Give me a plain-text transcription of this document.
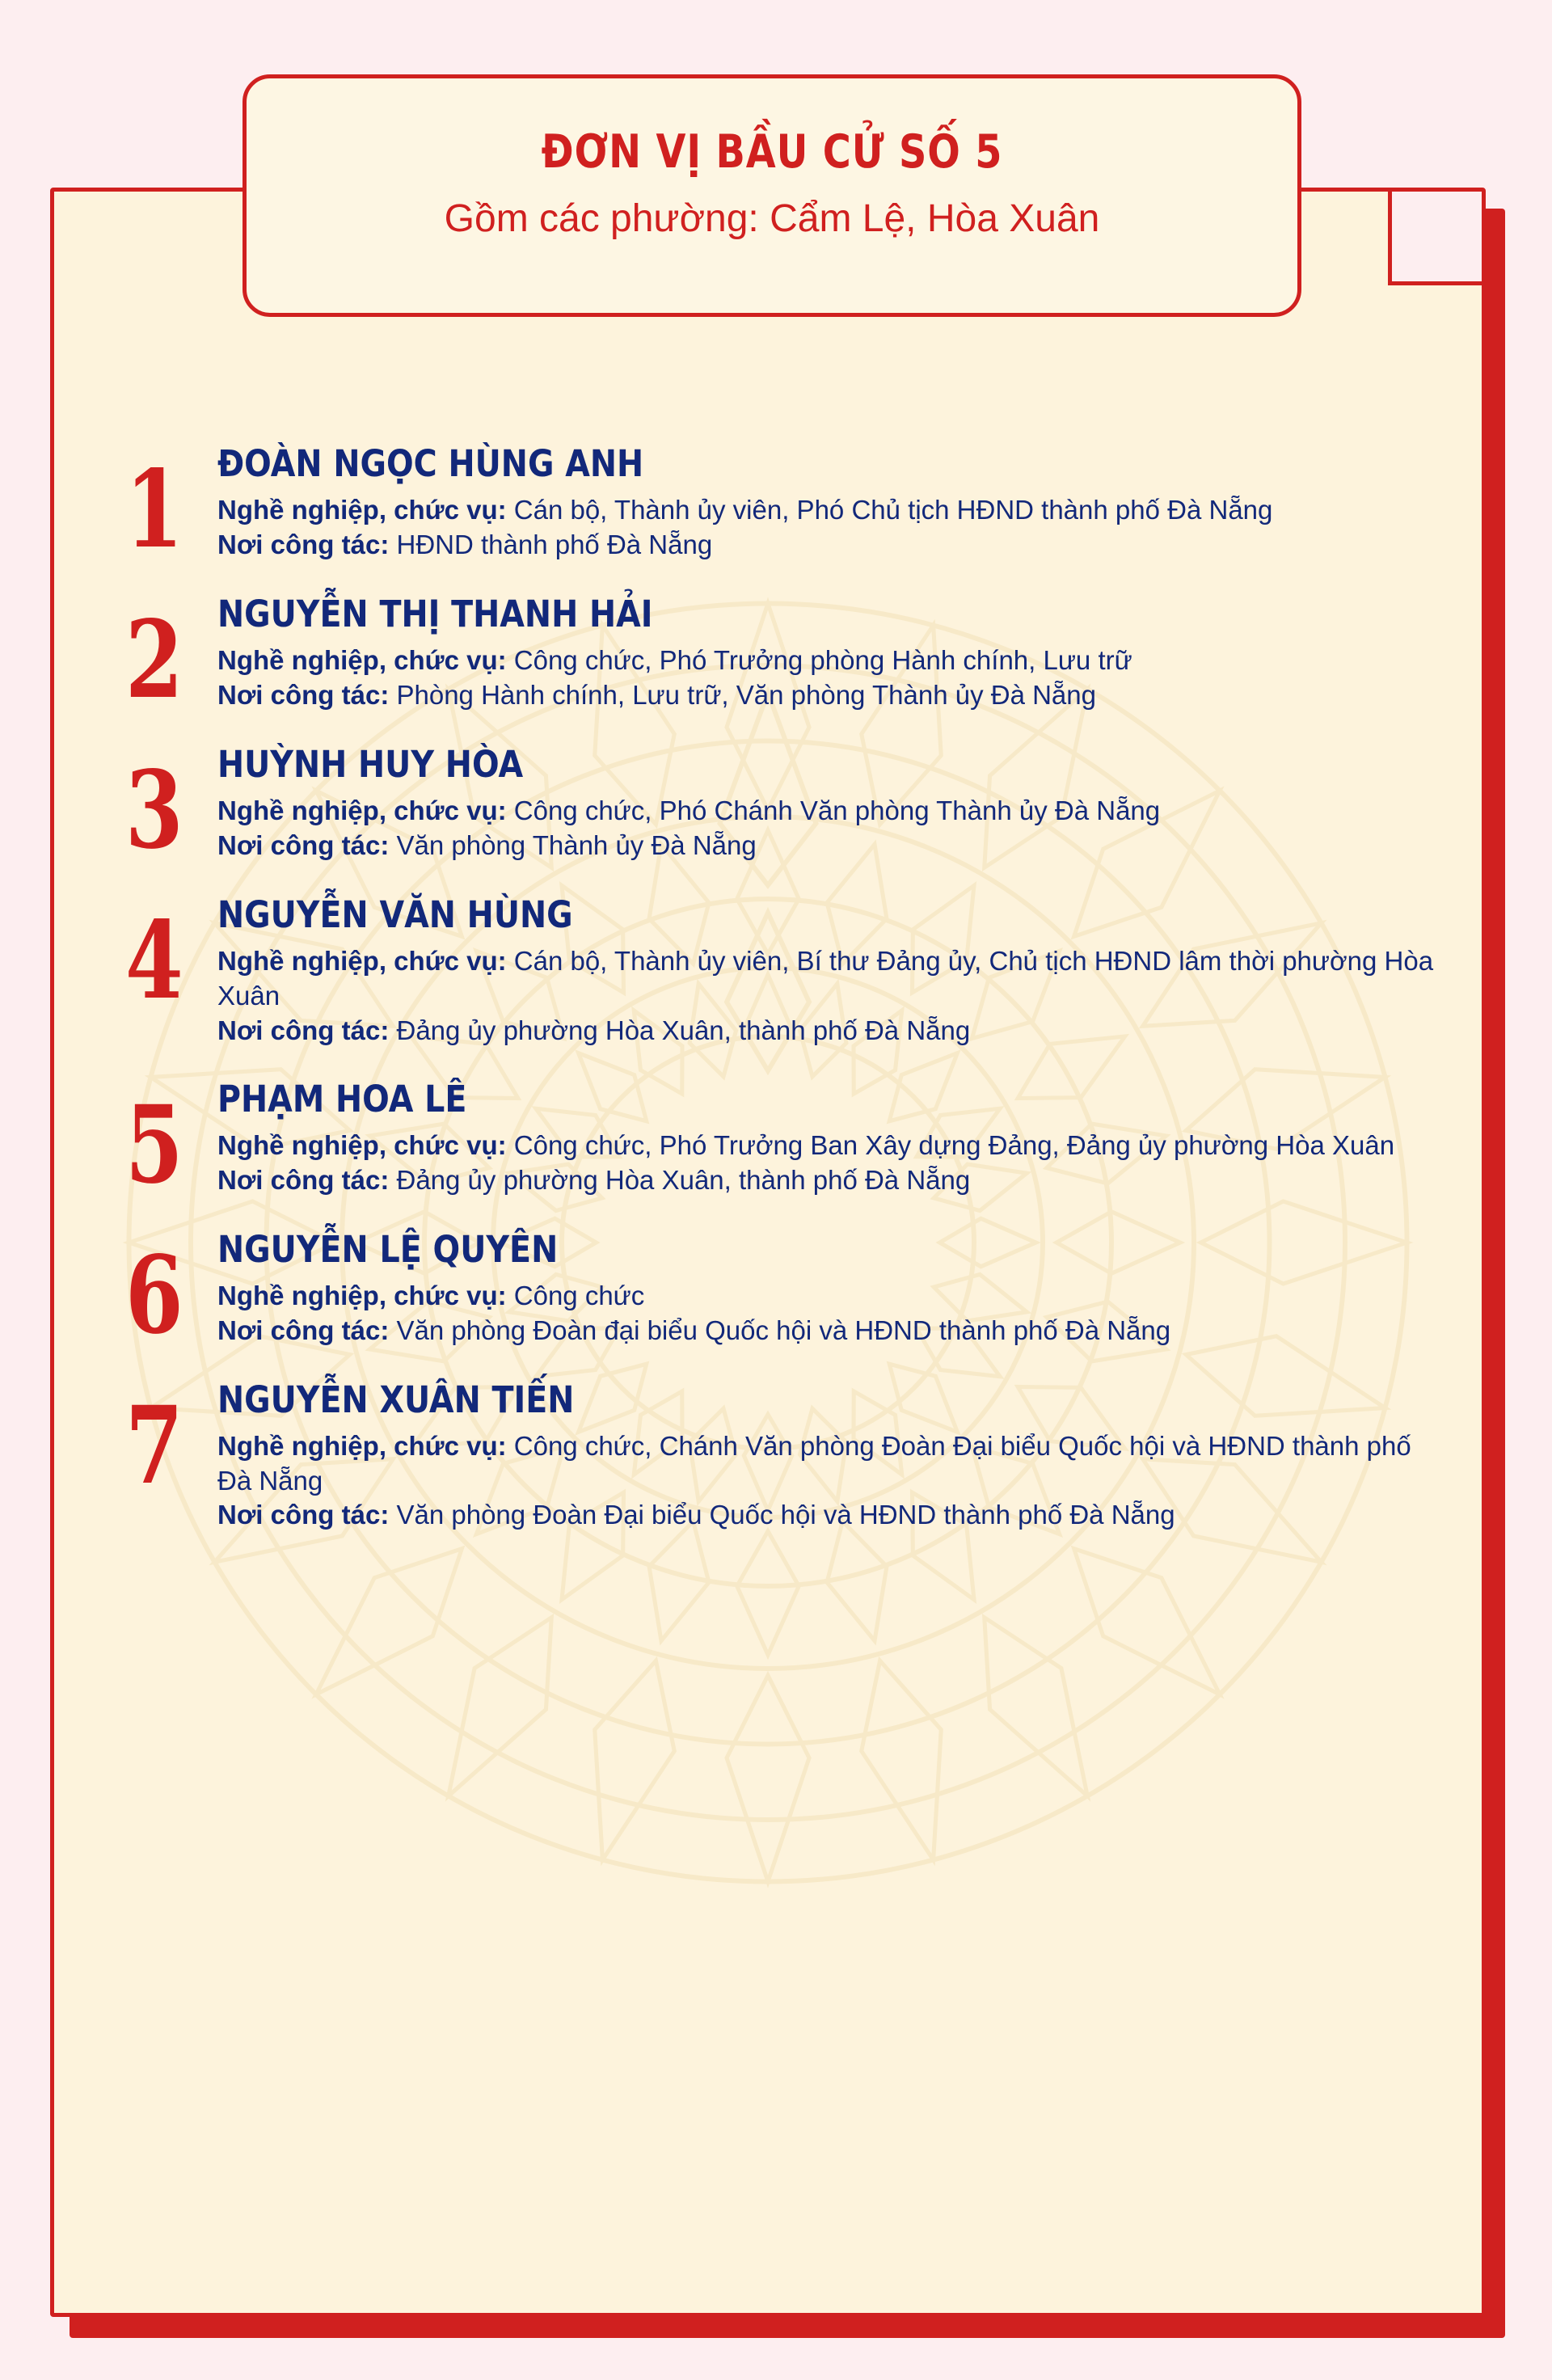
1 ĐOÀN NGỌC HÙNG ANH
Nghề nghiệp, chức vụ: Cán bộ, Thành ủy viên, Phó Chủ tịch HĐND thành phố Đà Nẵng
Nơi công tác: HĐND thành phố Đà Nẵng
2 NGUYỄN THỊ THANH HẢI
Nghề nghiệp, chức vụ: Công chức, Phó Trưởng phòng Hành chính, Lưu trữ
Nơi công tác: Phòng Hành chính, Lưu trữ, Văn phòng Thành ủy Đà Nẵng
3 HUỲNH HUY HÒA
Nghề nghiệp, chức vụ: Công chức, Phó Chánh Văn phòng Thành ủy Đà Nẵng
Nơi công tác: Văn phòng Thành ủy Đà Nẵng
4 NGUYỄN VĂN HÙNG
Nghề nghiệp, chức vụ: Cán bộ, Thành ủy viên, Bí thư Đảng ủy, Chủ tịch HĐND lâm thời phường Hòa Xuân
Nơi công tác: Đảng ủy phường Hòa Xuân, thành phố Đà Nẵng
5 PHẠM HOA LÊ
Nghề nghiệp, chức vụ: Công chức, Phó Trưởng Ban Xây dựng Đảng, Đảng ủy phường Hòa Xuân
Nơi công tác: Đảng ủy phường Hòa Xuân, thành phố Đà Nẵng
6 NGUYỄN LỆ QUYÊN
Nghề nghiệp, chức vụ: Công chức
Nơi công tác: Văn phòng Đoàn đại biểu Quốc hội và HĐND thành phố Đà Nẵng
7 NGUYỄN XUÂN TIẾN
Nghề nghiệp, chức vụ: Công chức, Chánh Văn phòng Đoàn Đại biểu Quốc hội và HĐND thành phố Đà Nẵng
Nơi công tác: Văn phòng Đoàn Đại biểu Quốc hội và HĐND thành phố Đà Nẵng
ĐƠN VỊ BẦU CỬ SỐ 5
Gồm các phường: Cẩm Lệ, Hòa Xuân
